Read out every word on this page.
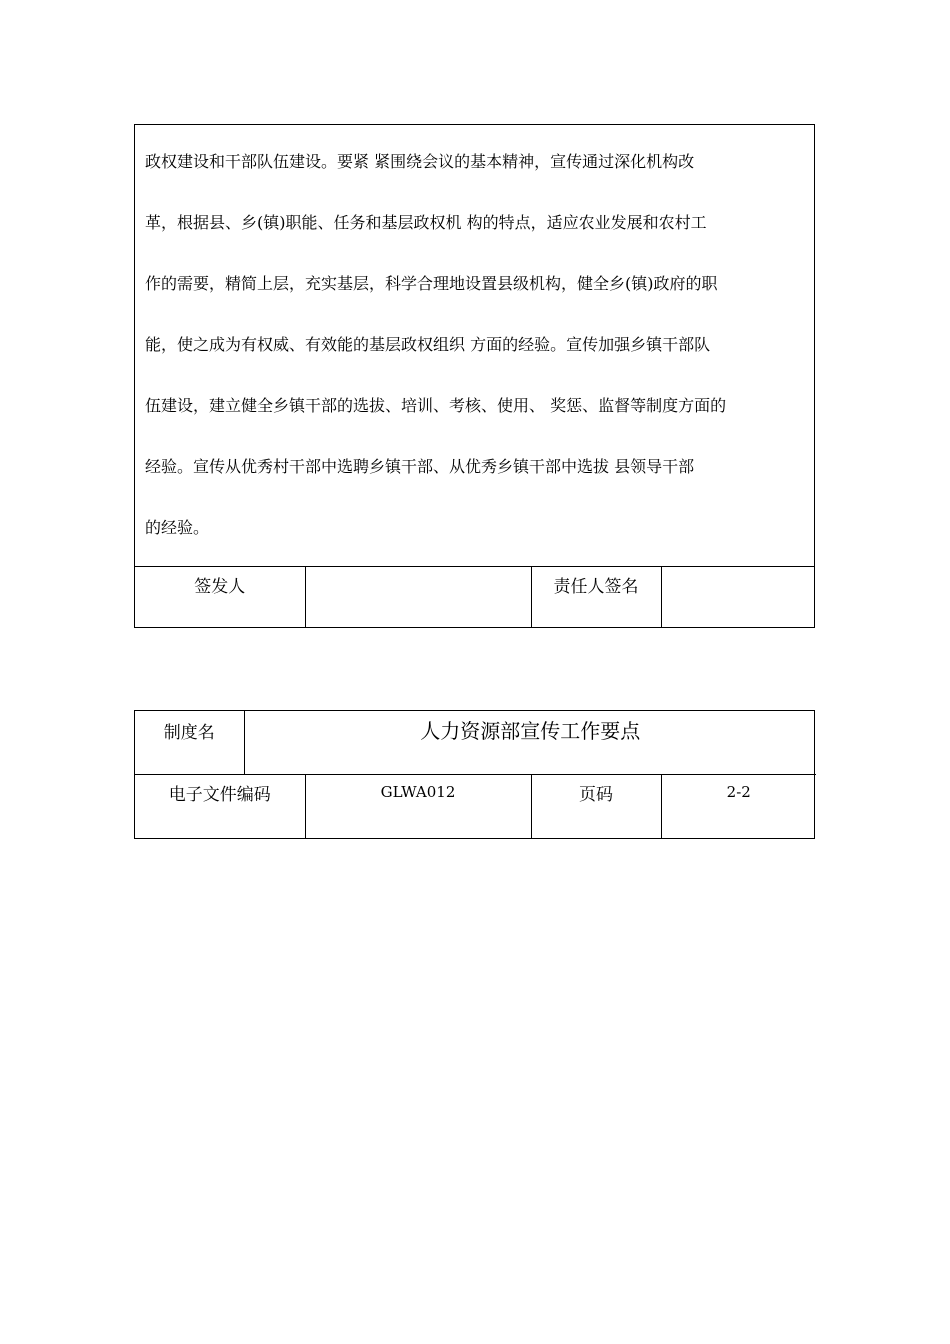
政权建设和干部队伍建设。要紧 紧围绕会议的基本精神，宣传通过深化机构改
革，根据县、乡(镇)职能、任务和基层政权机 构的特点，适应农业发展和农村工
作的需要，精简上层，充实基层，科学合理地设置县级机构，健全乡(镇)政府的职
能，使之成为有权威、有效能的基层政权组织 方面的经验。宣传加强乡镇干部队
伍建设，建立健全乡镇干部的选拔、培训、考核、使用、 奖惩、监督等制度方面的
经验。宣传从优秀村干部中选聘乡镇干部、从优秀乡镇干部中选拔 县领导干部
的经验。
签发人		责任人签名	
制度名	人力资源部宣传工作要点			
电子文件编码		GLWA012	页码	2-2
